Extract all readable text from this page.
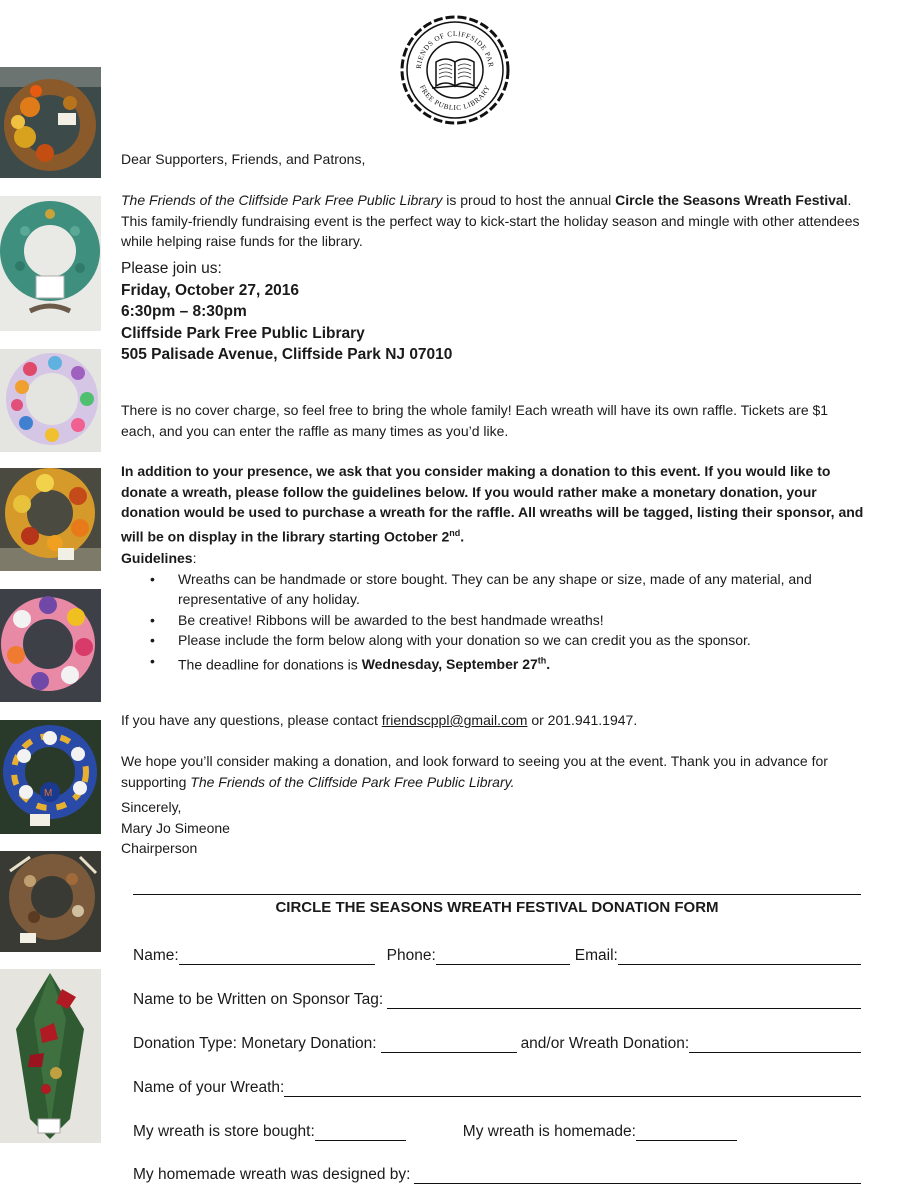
RIENDS OF CLIFFSIDE PAR
FREE PUBLIC LIBRARY
M

Dear Supporters, Friends, and Patrons,

The Friends of the Cliffside Park Free Public Library is proud to host the annual Circle the Seasons Wreath Festival. This family-friendly fundraising event is the perfect way to kick-start the holiday season and mingle with other attendees while helping raise funds for the library.

Please join us:
Friday, October 27, 2016
6:30pm – 8:30pm
Cliffside Park Free Public Library
505 Palisade Avenue, Cliffside Park NJ 07010

There is no cover charge, so feel free to bring the whole family! Each wreath will have its own raffle. Tickets are $1 each, and you can enter the raffle as many times as you’d like.

In addition to your presence, we ask that you consider making a donation to this event. If you would like to donate a wreath, please follow the guidelines below. If you would rather make a monetary donation, your donation would be used to purchase a wreath for the raffle. All wreaths will be tagged, listing their sponsor, and will be on display in the library starting October 2nd.

Guidelines:

• Wreaths can be handmade or store bought. They can be any shape or size, made of any material, and representative of any holiday.
• Be creative! Ribbons will be awarded to the best handmade wreaths!
• Please include the form below along with your donation so we can credit you as the sponsor.
• The deadline for donations is Wednesday, September 27th.

If you have any questions, please contact friendscppl@gmail.com or 201.941.1947.

We hope you’ll consider making a donation, and look forward to seeing you at the event. Thank you in advance for supporting The Friends of the Cliffside Park Free Public Library.

Sincerely,

Mary Jo Simeone

Chairperson

CIRCLE THE SEASONS WREATH FESTIVAL DONATION FORM
Name:	Phone:	Email:
Name to be Written on Sponsor Tag:
Donation Type: Monetary Donation:	and/or Wreath Donation:
Name of your Wreath:
My wreath is store bought:	My wreath is homemade:
My homemade wreath was designed by:
